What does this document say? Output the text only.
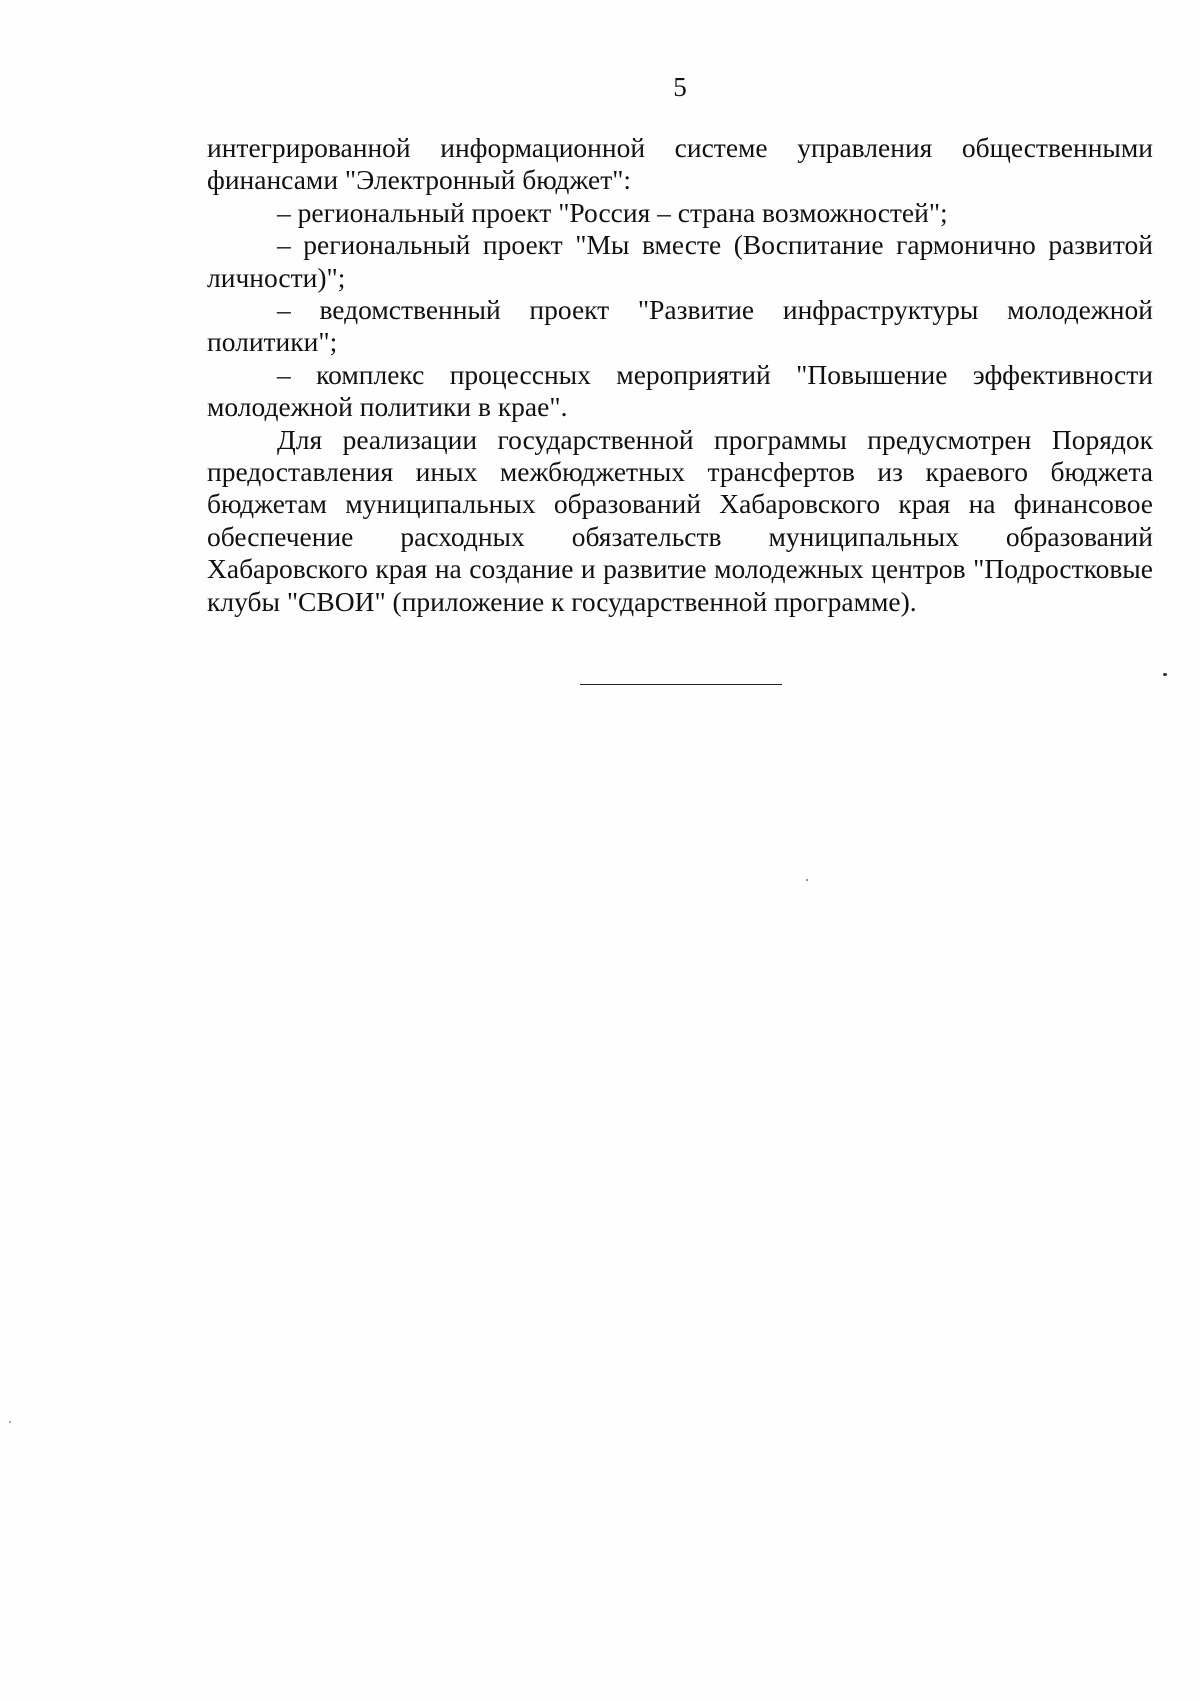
5

интегрированной информационной системе управления общественными финансами "Электронный бюджет":

– региональный проект "Россия – страна возможностей";

– региональный проект "Мы вместе (Воспитание гармонично развитой личности)";

– ведомственный проект "Развитие инфраструктуры молодежной политики";

– комплекс процессных мероприятий "Повышение эффективности молодежной политики в крае".

Для реализации государственной программы предусмотрен Порядок предоставления иных межбюджетных трансфертов из краевого бюджета бюджетам муниципальных образований Хабаровского края на финансовое обеспечение расходных обязательств муниципальных образований Хабаровского края на создание и развитие молодежных центров "Подростковые клубы "СВОИ" (приложение к государственной программе).
